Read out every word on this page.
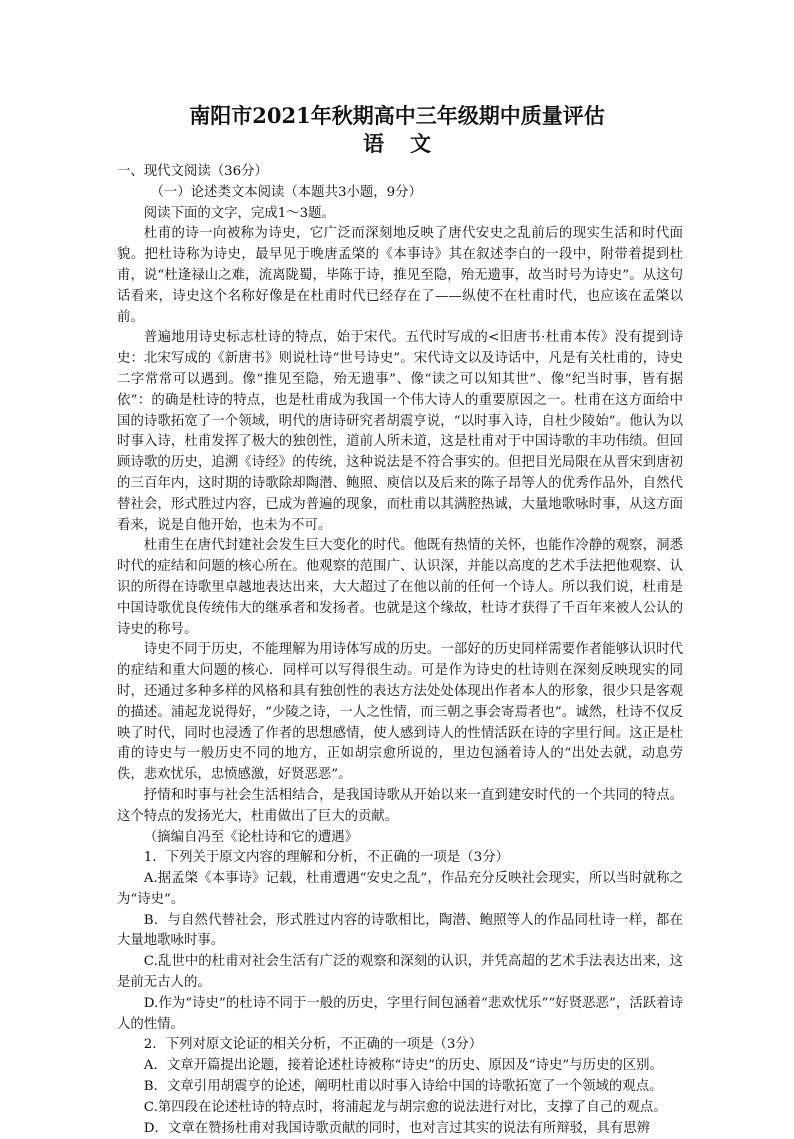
南阳市2021年秋期高中三年级期中质量评估
语文

一、现代文阅读（36分）

（一）论述类文本阅读（本题共3小题，9分）

阅读下面的文字，完成1～3题。

杜甫的诗一向被称为诗史，它广泛而深刻地反映了唐代安史之乱前后的现实生活和时代面貌。把杜诗称为诗史，最早见于晚唐孟棨的《本事诗》其在叙述李白的一段中，附带着提到杜甫，说“杜逢禄山之难，流离陇蜀，毕陈于诗，推见至隐，殆无遗事，故当时号为诗史”。从这句话看来，诗史这个名称好像是在杜甫时代已经存在了——纵使不在杜甫时代，也应该在孟棨以前。

普遍地用诗史标志杜诗的特点，始于宋代。五代时写成的<旧唐书·杜甫本传》没有提到诗史：北宋写成的《新唐书》则说杜诗“世号诗史”。宋代诗文以及诗话中，凡是有关杜甫的，诗史二字常常可以遇到。像“推见至隐，殆无遗事”、像“读之可以知其世”、像“纪当时事，皆有据依”：的确是杜诗的特点，也是杜甫成为我国一个伟大诗人的重要原因之一。杜甫在这方面给中国的诗歌拓宽了一个领域，明代的唐诗研究者胡震亨说，“以时事入诗，自杜少陵始”。他认为以时事入诗，杜甫发挥了极大的独创性，道前人所未道，这是杜甫对于中国诗歌的丰功伟绩。但回顾诗歌的历史，追溯《诗经》的传统，这种说法是不符合事实的。但把目光局限在从晋宋到唐初的三百年内，这时期的诗歌除却陶潜、鲍照、庾信以及后来的陈子昂等人的优秀作品外，自然代替社会，形式胜过内容，已成为普遍的现象，而杜甫以其满腔热诚，大量地歌咏时事，从这方面看来，说是自他开始，也未为不可。

杜甫生在唐代封建社会发生巨大变化的时代。他既有热情的关怀，也能作冷静的观察，洞悉时代的症结和问题的核心所在。他观察的范围广、认识深，并能以高度的艺术手法把他观察、认识的所得在诗歌里卓越地表达出来，大大超过了在他以前的任何一个诗人。所以我们说，杜甫是中国诗歌优良传统伟大的继承者和发扬者。也就是这个缘故，杜诗才获得了千百年来被人公认的诗史的称号。

诗史不同于历史，不能理解为用诗体写成的历史。一部好的历史同样需要作者能够认识时代的症结和重大问题的核心．同样可以写得很生动。可是作为诗史的杜诗则在深刻反映现实的同时，还通过多种多样的风格和具有独创性的表达方法处处体现出作者本人的形象，很少只是客观的描述。浦起龙说得好，“少陵之诗，一人之性情，而三朝之事会寄焉者也”。诚然，杜诗不仅反映了时代，同时也浸透了作者的思想感情，使人感到诗人的性情活跃在诗的字里行间。这正是杜甫的诗史与一般历史不同的地方，正如胡宗愈所说的，里边包涵着诗人的“出处去就，动息劳佚，悲欢忧乐，忠愤感激，好贤恶恶”。

抒情和时事与社会生活相结合，是我国诗歌从开始以来一直到建安时代的一个共同的特点。这个特点的发扬光大，杜甫做出了巨大的贡献。

（摘编自冯至《论杜诗和它的遭遇》

1．下列关于原文内容的理解和分析，不正确的一项是（3分）

A.据孟棨《本事诗》记载，杜甫遭遇“安史之乱”，作品充分反映社会现实，所以当时就称之为“诗史”。

B．与自然代替社会，形式胜过内容的诗歌相比，陶潜、鲍照等人的作品同杜诗一样，都在大量地歌咏时事。

C.乱世中的杜甫对社会生活有广泛的观察和深刻的认识，并凭高超的艺术手法表达出来，这是前无古人的。

D.作为“诗史”的杜诗不同于一般的历史，字里行间包涵着“悲欢忧乐”“好贤恶恶”，活跃着诗人的性情。

2．下列对原文论证的相关分析，不正确的一项是（3分）

A．文章开篇提出论题，接着论述杜诗被称“诗史”的历史、原因及“诗史”与历史的区别。

B．文章引用胡震亨的论述，阐明杜甫以时事入诗给中国的诗歌拓宽了一个领域的观点。

C.第四段在论述杜诗的特点时，将浦起龙与胡宗愈的说法进行对比，支撑了自己的观点。

D．文章在赞扬杜甫对我国诗歌贡献的同时，也对言过其实的说法有所辩驳，具有思辨
